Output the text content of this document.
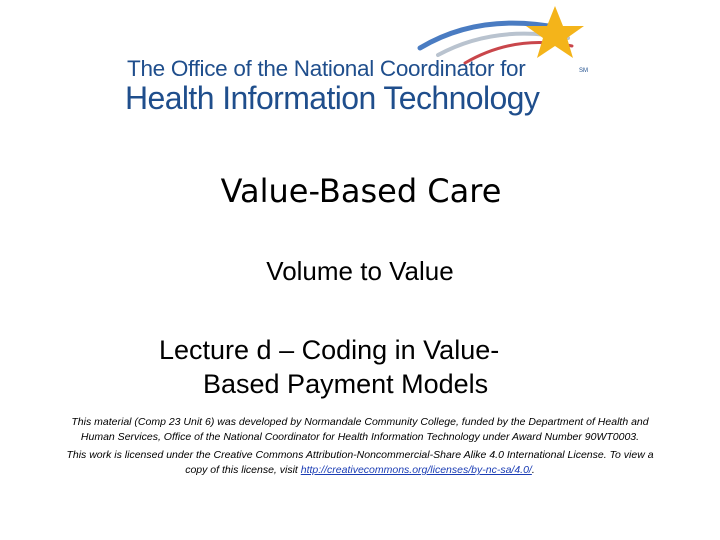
SM
The Office of the National Coordinator for
Health Information Technology
Value-Based Care
Volume to Value
Lecture d – Coding in Value-
Based Payment Models

This material (Comp 23 Unit 6) was developed by Normandale Community College, funded by the Department of Health and Human Services, Office of the National Coordinator for Health Information Technology under Award Number 90WT0003.

This work is licensed under the Creative Commons Attribution-Noncommercial-Share Alike 4.0 International License. To view a copy of this license, visit http://creativecommons.org/licenses/by-nc-sa/4.0/.
